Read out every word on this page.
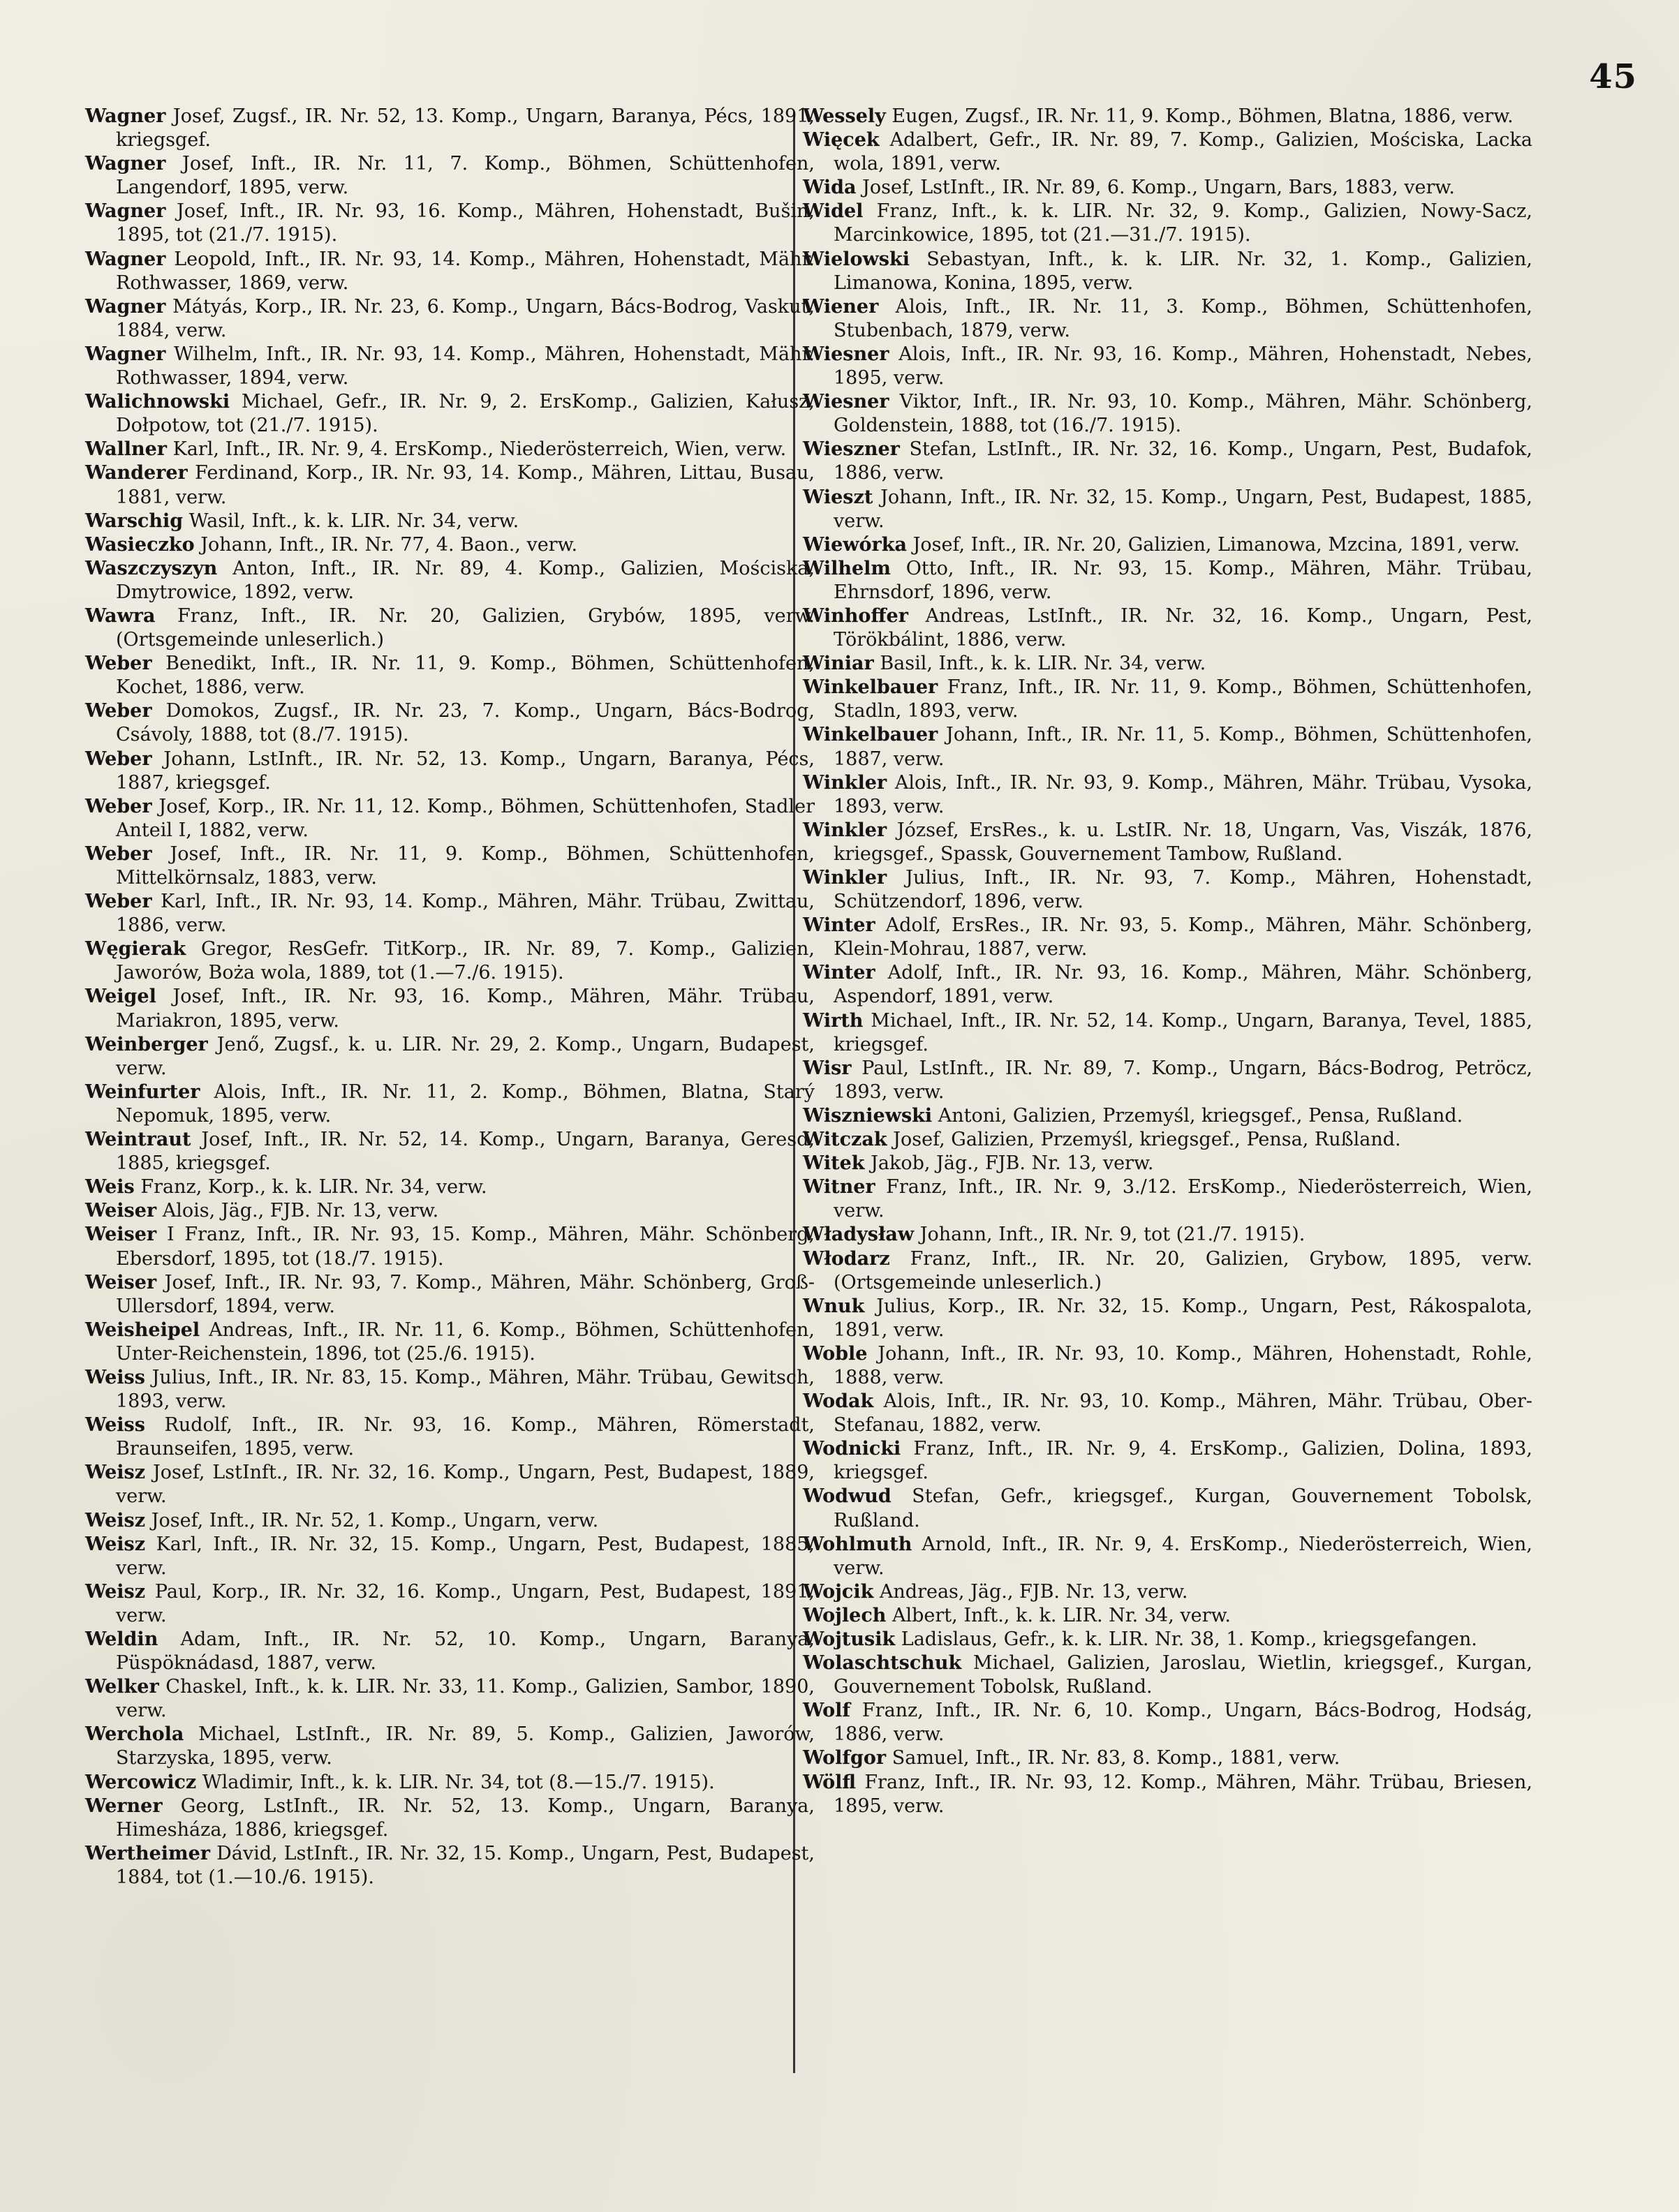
45

Wagner Josef, Zugsf., IR. Nr. 52, 13. Komp., Ungarn, Baranya, Pécs, 1891, kriegsgef.

Wagner Josef, Inft., IR. Nr. 11, 7. Komp., Böhmen, Schüttenhofen, Langendorf, 1895, verw.

Wagner Josef, Inft., IR. Nr. 93, 16. Komp., Mähren, Hohenstadt, Bušin, 1895, tot (21./7. 1915).

Wagner Leopold, Inft., IR. Nr. 93, 14. Komp., Mähren, Hohenstadt, Mähr. Rothwasser, 1869, verw.

Wagner Mátyás, Korp., IR. Nr. 23, 6. Komp., Ungarn, Bács-Bodrog, Vaskut, 1884, verw.

Wagner Wilhelm, Inft., IR. Nr. 93, 14. Komp., Mähren, Hohenstadt, Mähr. Rothwasser, 1894, verw.

Walichnowski Michael, Gefr., IR. Nr. 9, 2. ErsKomp., Galizien, Kałusz, Dołpotow, tot (21./7. 1915).

Wallner Karl, Inft., IR. Nr. 9, 4. ErsKomp., Niederösterreich, Wien, verw.

Wanderer Ferdinand, Korp., IR. Nr. 93, 14. Komp., Mähren, Littau, Busau, 1881, verw.

Warschig Wasil, Inft., k. k. LIR. Nr. 34, verw.

Wasieczko Johann, Inft., IR. Nr. 77, 4. Baon., verw.

Waszczyszyn Anton, Inft., IR. Nr. 89, 4. Komp., Galizien, Mościska, Dmytrowice, 1892, verw.

Wawra Franz, Inft., IR. Nr. 20, Galizien, Grybów, 1895, verw. (Ortsgemeinde unleserlich.)

Weber Benedikt, Inft., IR. Nr. 11, 9. Komp., Böhmen, Schüttenhofen, Kochet, 1886, verw.

Weber Domokos, Zugsf., IR. Nr. 23, 7. Komp., Ungarn, Bács-Bodrog, Csávoly, 1888, tot (8./7. 1915).

Weber Johann, LstInft., IR. Nr. 52, 13. Komp., Ungarn, Baranya, Pécs, 1887, kriegsgef.

Weber Josef, Korp., IR. Nr. 11, 12. Komp., Böhmen, Schüttenhofen, Stadler Anteil I, 1882, verw.

Weber Josef, Inft., IR. Nr. 11, 9. Komp., Böhmen, Schüttenhofen, Mittelkörnsalz, 1883, verw.

Weber Karl, Inft., IR. Nr. 93, 14. Komp., Mähren, Mähr. Trübau, Zwittau, 1886, verw.

Węgierak Gregor, ResGefr. TitKorp., IR. Nr. 89, 7. Komp., Galizien, Jaworów, Boża wola, 1889, tot (1.—7./6. 1915).

Weigel Josef, Inft., IR. Nr. 93, 16. Komp., Mähren, Mähr. Trübau, Mariakron, 1895, verw.

Weinberger Jenő, Zugsf., k. u. LIR. Nr. 29, 2. Komp., Ungarn, Budapest, verw.

Weinfurter Alois, Inft., IR. Nr. 11, 2. Komp., Böhmen, Blatna, Starý Nepomuk, 1895, verw.

Weintraut Josef, Inft., IR. Nr. 52, 14. Komp., Ungarn, Baranya, Geresd, 1885, kriegsgef.

Weis Franz, Korp., k. k. LIR. Nr. 34, verw.

Weiser Alois, Jäg., FJB. Nr. 13, verw.

Weiser I Franz, Inft., IR. Nr. 93, 15. Komp., Mähren, Mähr. Schönberg, Ebersdorf, 1895, tot (18./7. 1915).

Weiser Josef, Inft., IR. Nr. 93, 7. Komp., Mähren, Mähr. Schönberg, Groß-Ullersdorf, 1894, verw.

Weisheipel Andreas, Inft., IR. Nr. 11, 6. Komp., Böhmen, Schüttenhofen, Unter-Reichenstein, 1896, tot (25./6. 1915).

Weiss Julius, Inft., IR. Nr. 83, 15. Komp., Mähren, Mähr. Trübau, Gewitsch, 1893, verw.

Weiss Rudolf, Inft., IR. Nr. 93, 16. Komp., Mähren, Römerstadt, Braunseifen, 1895, verw.

Weisz Josef, LstInft., IR. Nr. 32, 16. Komp., Ungarn, Pest, Budapest, 1889, verw.

Weisz Josef, Inft., IR. Nr. 52, 1. Komp., Ungarn, verw.

Weisz Karl, Inft., IR. Nr. 32, 15. Komp., Ungarn, Pest, Budapest, 1885, verw.

Weisz Paul, Korp., IR. Nr. 32, 16. Komp., Ungarn, Pest, Budapest, 1891, verw.

Weldin Adam, Inft., IR. Nr. 52, 10. Komp., Ungarn, Baranya, Püspöknádasd, 1887, verw.

Welker Chaskel, Inft., k. k. LIR. Nr. 33, 11. Komp., Galizien, Sambor, 1890, verw.

Werchola Michael, LstInft., IR. Nr. 89, 5. Komp., Galizien, Jaworów, Starzyska, 1895, verw.

Wercowicz Wladimir, Inft., k. k. LIR. Nr. 34, tot (8.—15./7. 1915).

Werner Georg, LstInft., IR. Nr. 52, 13. Komp., Ungarn, Baranya, Himesháza, 1886, kriegsgef.

Wertheimer Dávid, LstInft., IR. Nr. 32, 15. Komp., Ungarn, Pest, Budapest, 1884, tot (1.—10./6. 1915).

Wessely Eugen, Zugsf., IR. Nr. 11, 9. Komp., Böhmen, Blatna, 1886, verw.

Więcek Adalbert, Gefr., IR. Nr. 89, 7. Komp., Galizien, Mościska, Lacka wola, 1891, verw.

Wida Josef, LstInft., IR. Nr. 89, 6. Komp., Ungarn, Bars, 1883, verw.

Widel Franz, Inft., k. k. LIR. Nr. 32, 9. Komp., Galizien, Nowy-Sacz, Marcinkowice, 1895, tot (21.—31./7. 1915).

Wielowski Sebastyan, Inft., k. k. LIR. Nr. 32, 1. Komp., Galizien, Limanowa, Konina, 1895, verw.

Wiener Alois, Inft., IR. Nr. 11, 3. Komp., Böhmen, Schüttenhofen, Stubenbach, 1879, verw.

Wiesner Alois, Inft., IR. Nr. 93, 16. Komp., Mähren, Hohenstadt, Nebes, 1895, verw.

Wiesner Viktor, Inft., IR. Nr. 93, 10. Komp., Mähren, Mähr. Schönberg, Goldenstein, 1888, tot (16./7. 1915).

Wieszner Stefan, LstInft., IR. Nr. 32, 16. Komp., Ungarn, Pest, Budafok, 1886, verw.

Wieszt Johann, Inft., IR. Nr. 32, 15. Komp., Ungarn, Pest, Budapest, 1885, verw.

Wiewórka Josef, Inft., IR. Nr. 20, Galizien, Limanowa, Mzcina, 1891, verw.

Wilhelm Otto, Inft., IR. Nr. 93, 15. Komp., Mähren, Mähr. Trübau, Ehrnsdorf, 1896, verw.

Winhoffer Andreas, LstInft., IR. Nr. 32, 16. Komp., Ungarn, Pest, Törökbálint, 1886, verw.

Winiar Basil, Inft., k. k. LIR. Nr. 34, verw.

Winkelbauer Franz, Inft., IR. Nr. 11, 9. Komp., Böhmen, Schüttenhofen, Stadln, 1893, verw.

Winkelbauer Johann, Inft., IR. Nr. 11, 5. Komp., Böhmen, Schüttenhofen, 1887, verw.

Winkler Alois, Inft., IR. Nr. 93, 9. Komp., Mähren, Mähr. Trübau, Vysoka, 1893, verw.

Winkler József, ErsRes., k. u. LstIR. Nr. 18, Ungarn, Vas, Viszák, 1876, kriegsgef., Spassk, Gouvernement Tambow, Rußland.

Winkler Julius, Inft., IR. Nr. 93, 7. Komp., Mähren, Hohenstadt, Schützendorf, 1896, verw.

Winter Adolf, ErsRes., IR. Nr. 93, 5. Komp., Mähren, Mähr. Schönberg, Klein-Mohrau, 1887, verw.

Winter Adolf, Inft., IR. Nr. 93, 16. Komp., Mähren, Mähr. Schönberg, Aspendorf, 1891, verw.

Wirth Michael, Inft., IR. Nr. 52, 14. Komp., Ungarn, Baranya, Tevel, 1885, kriegsgef.

Wisr Paul, LstInft., IR. Nr. 89, 7. Komp., Ungarn, Bács-Bodrog, Petröcz, 1893, verw.

Wiszniewski Antoni, Galizien, Przemyśl, kriegsgef., Pensa, Rußland.

Witczak Josef, Galizien, Przemyśl, kriegsgef., Pensa, Rußland.

Witek Jakob, Jäg., FJB. Nr. 13, verw.

Witner Franz, Inft., IR. Nr. 9, 3./12. ErsKomp., Niederösterreich, Wien, verw.

Władysław Johann, Inft., IR. Nr. 9, tot (21./7. 1915).

Włodarz Franz, Inft., IR. Nr. 20, Galizien, Grybow, 1895, verw. (Ortsgemeinde unleserlich.)

Wnuk Julius, Korp., IR. Nr. 32, 15. Komp., Ungarn, Pest, Rákospalota, 1891, verw.

Woble Johann, Inft., IR. Nr. 93, 10. Komp., Mähren, Hohenstadt, Rohle, 1888, verw.

Wodak Alois, Inft., IR. Nr. 93, 10. Komp., Mähren, Mähr. Trübau, Ober-Stefanau, 1882, verw.

Wodnicki Franz, Inft., IR. Nr. 9, 4. ErsKomp., Galizien, Dolina, 1893, kriegsgef.

Wodwud Stefan, Gefr., kriegsgef., Kurgan, Gouvernement Tobolsk, Rußland.

Wohlmuth Arnold, Inft., IR. Nr. 9, 4. ErsKomp., Niederösterreich, Wien, verw.

Wojcik Andreas, Jäg., FJB. Nr. 13, verw.

Wojlech Albert, Inft., k. k. LIR. Nr. 34, verw.

Wojtusik Ladislaus, Gefr., k. k. LIR. Nr. 38, 1. Komp., kriegsgefangen.

Wolaschtschuk Michael, Galizien, Jaroslau, Wietlin, kriegsgef., Kurgan, Gouvernement Tobolsk, Rußland.

Wolf Franz, Inft., IR. Nr. 6, 10. Komp., Ungarn, Bács-Bodrog, Hodság, 1886, verw.

Wolfgor Samuel, Inft., IR. Nr. 83, 8. Komp., 1881, verw.

Wölfl Franz, Inft., IR. Nr. 93, 12. Komp., Mähren, Mähr. Trübau, Briesen, 1895, verw.
